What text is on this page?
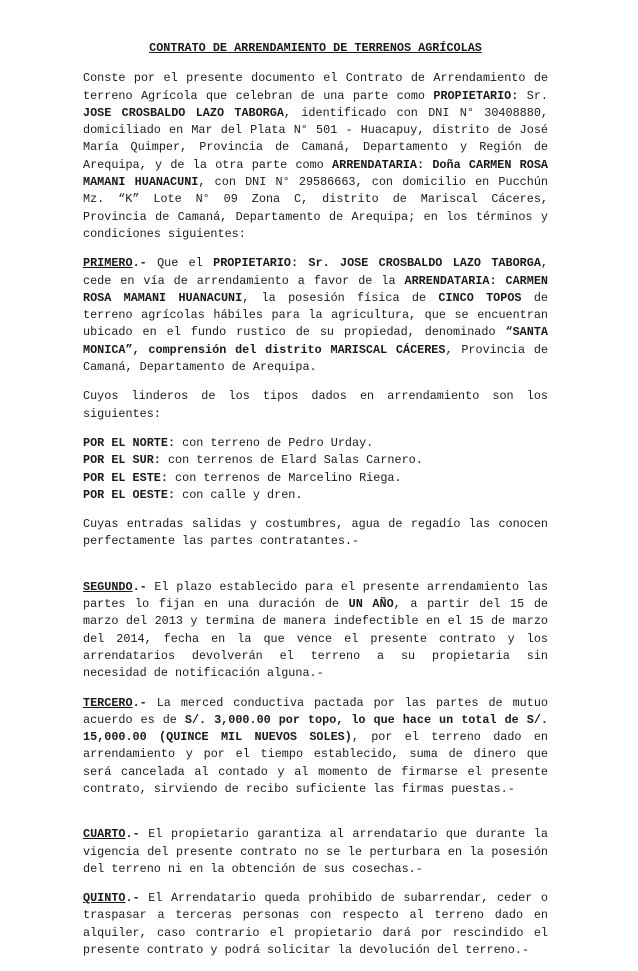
CONTRATO DE ARRENDAMIENTO DE TERRENOS AGRÍCOLAS

Conste por el presente documento el Contrato de Arrendamiento de terreno Agrícola que celebran de una parte como PROPIETARIO: Sr. JOSE CROSBALDO LAZO TABORGA, identificado con DNI N° 30408880, domiciliado en Mar del Plata N° 501 - Huacapuy, distrito de José María Quimper, Provincia de Camaná, Departamento y Región de Arequipa, y de la otra parte como ARRENDATARIA: Doña CARMEN ROSA MAMANI HUANACUNI, con DNI N° 29586663, con domicilio en Pucchún Mz. “K” Lote N° 09 Zona C, distrito de Mariscal Cáceres, Provincia de Camaná, Departamento de Arequipa; en los términos y condiciones siguientes:

PRIMERO.- Que el PROPIETARIO: Sr. JOSE CROSBALDO LAZO TABORGA, cede en vía de arrendamiento a favor de la ARRENDATARIA: CARMEN ROSA MAMANI HUANACUNI, la posesión física de CINCO TOPOS de terreno agrícolas hábiles para la agricultura, que se encuentran ubicado en el fundo rustico de su propiedad, denominado “SANTA MONICA”, comprensión del distrito MARISCAL CÁCERES, Provincia de Camaná, Departamento de Arequipa.

Cuyos linderos de los tipos dados en arrendamiento son los siguientes:

POR EL NORTE: con terreno de Pedro Urday.
POR EL SUR: con terrenos de Elard Salas Carnero.
POR EL ESTE: con terrenos de Marcelino Riega.
POR EL OESTE: con calle y dren.

Cuyas entradas salidas y costumbres, agua de regadío las conocen perfectamente las partes contratantes.-

SEGUNDO.- El plazo establecido para el presente arrendamiento las partes lo fijan en una duración de UN AÑO, a partir del 15 de marzo del 2013 y termina de manera indefectible en el 15 de marzo del 2014, fecha en la que vence el presente contrato y los arrendatarios devolverán el terreno a su propietaria sin necesidad de notificación alguna.-

TERCERO.- La merced conductiva pactada por las partes de mutuo acuerdo es de S/. 3,000.00 por topo, lo que hace un total de S/. 15,000.00 (QUINCE MIL NUEVOS SOLES), por el terreno dado en arrendamiento y por el tiempo establecido, suma de dinero que será cancelada al contado y al momento de firmarse el presente contrato, sirviendo de recibo suficiente las firmas puestas.-

CUARTO.- El propietario garantiza al arrendatario que durante la vigencia del presente contrato no se le perturbara en la posesión del terreno ni en la obtención de sus cosechas.-

QUINTO.- El Arrendatario queda prohibido de subarrendar, ceder o traspasar a terceras personas con respecto al terreno dado en alquiler, caso contrario el propietario dará por rescindido el presente contrato y podrá solicitar la devolución del terreno.-
